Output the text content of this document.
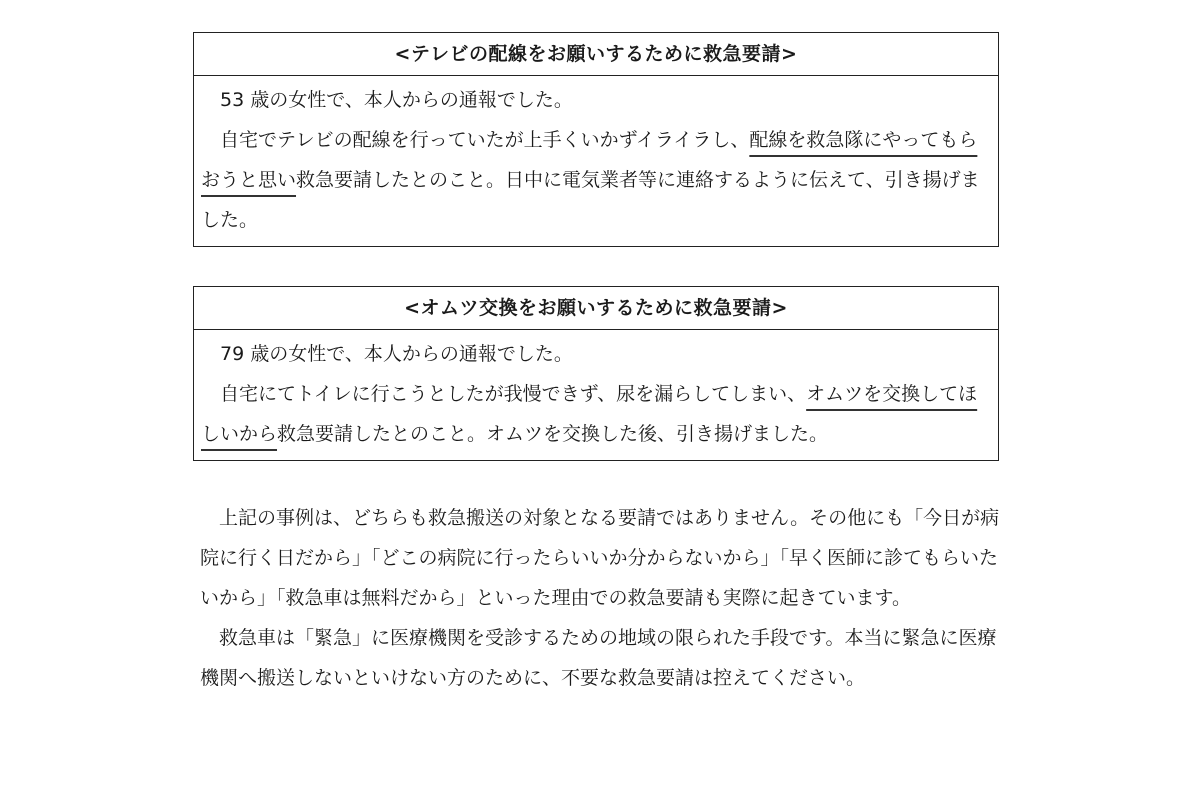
<テレビの配線をお願いするために救急要請>

53 歳の女性で、本人からの通報でした。

自宅でテレビの配線を行っていたが上手くいかずイライラし、配線を救急隊にやってもらおうと思い救急要請したとのこと。日中に電気業者等に連絡するように伝えて、引き揚げました。

<オムツ交換をお願いするために救急要請>

79 歳の女性で、本人からの通報でした。

自宅にてトイレに行こうとしたが我慢できず、尿を漏らしてしまい、オムツを交換してほしいから救急要請したとのこと。オムツを交換した後、引き揚げました。

上記の事例は、どちらも救急搬送の対象となる要請ではありません。その他にも「今日が病院に行く日だから」「どこの病院に行ったらいいか分からないから」「早く医師に診てもらいたいから」「救急車は無料だから」といった理由での救急要請も実際に起きています。

救急車は「緊急」に医療機関を受診するための地域の限られた手段です。本当に緊急に医療機関へ搬送しないといけない方のために、不要な救急要請は控えてください。
